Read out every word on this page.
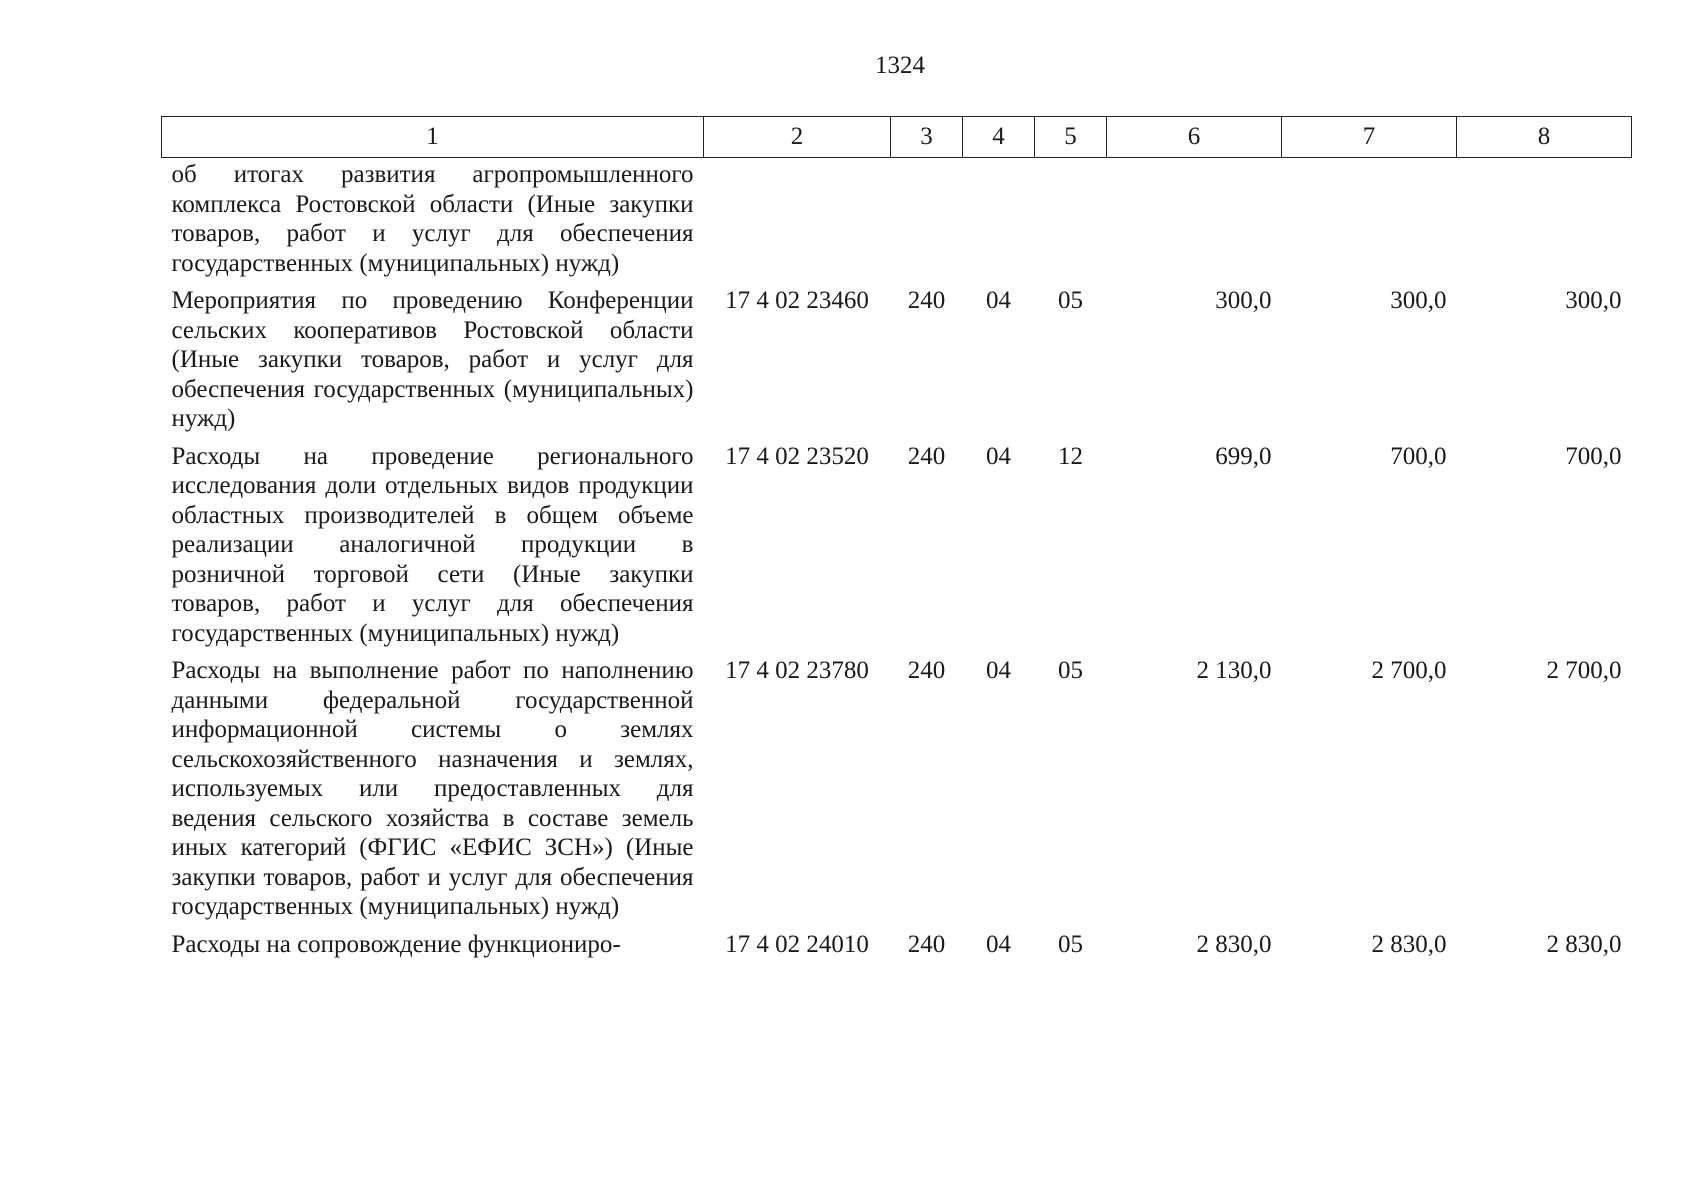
1324
1	2	3	4	5	6	7	8
об итогах развития агропромышленного комплекса Ростовской области (Иные закупки товаров, работ и услуг для обеспечения государственных (муниципальных) нужд)							
Мероприятия по проведению Конференции сельских кооперативов Ростовской области (Иные закупки товаров, работ и услуг для обеспечения государственных (муниципальных) нужд)	17 4 02 23460	240	04	05	300,0	300,0	300,0
Расходы на проведение регионального исследования доли отдельных видов продукции областных производителей в общем объеме реализации аналогичной продукции в розничной торговой сети (Иные закупки товаров, работ и услуг для обеспечения государственных (муниципальных) нужд)	17 4 02 23520	240	04	12	699,0	700,0	700,0
Расходы на выполнение работ по наполнению данными федеральной государственной информационной системы о землях сельскохозяйственного назначения и землях, используемых или предоставленных для ведения сельского хозяйства в составе земель иных категорий (ФГИС «ЕФИС ЗСН») (Иные закупки товаров, работ и услуг для обеспечения государственных (муниципальных) нужд)	17 4 02 23780	240	04	05	2 130,0	2 700,0	2 700,0
Расходы на сопровождение функциониро-	17 4 02 24010	240	04	05	2 830,0	2 830,0	2 830,0
